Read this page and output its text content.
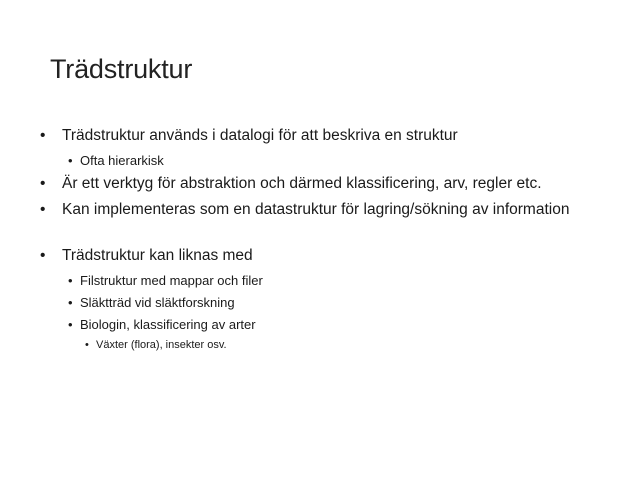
Trädstruktur
• Trädstruktur används i datalogi för att beskriva en struktur
• Ofta hierarkisk
• Är ett verktyg för abstraktion och därmed klassificering, arv, regler etc.
• Kan implementeras som en datastruktur för lagring/sökning av information
• Trädstruktur kan liknas med
• Filstruktur med mappar och filer
• Släktträd vid släktforskning
• Biologin, klassificering av arter
• Växter (flora), insekter osv.
